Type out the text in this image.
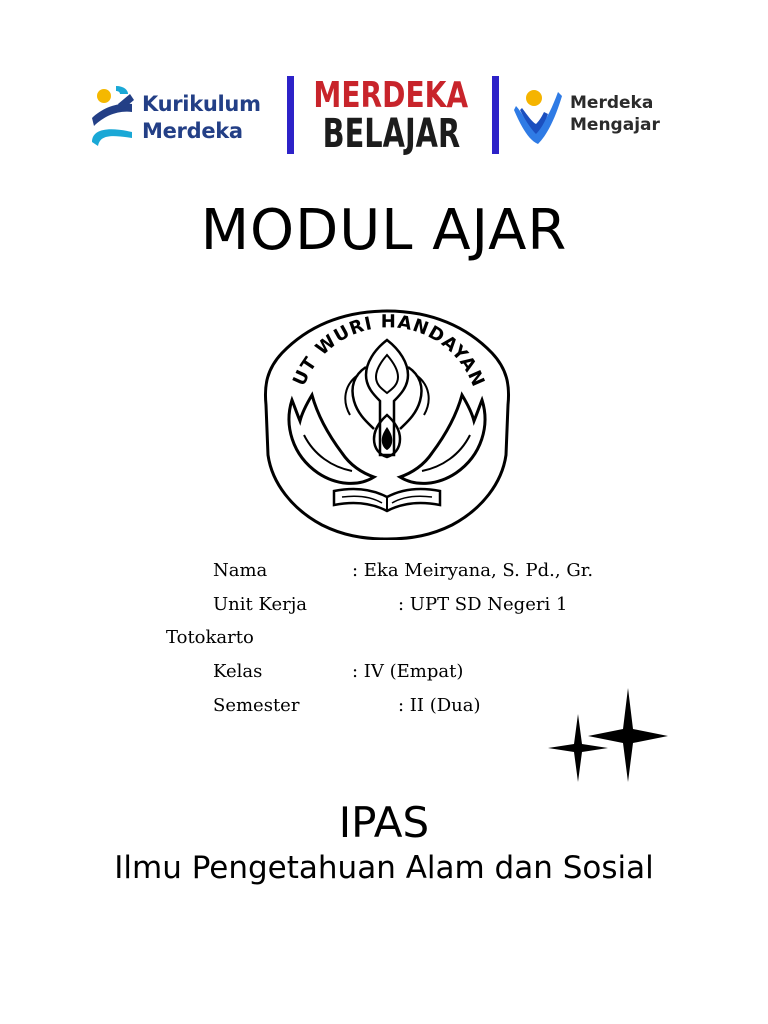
Kurikulum
Merdeka
MERDEKA
BELAJAR
Merdeka
Mengajar
MODUL AJAR
UT WURI HANDAYAN
Nama	: Eka Meiryana, S. Pd., Gr.
Unit Kerja	: UPT SD Negeri 1
Totokarto
Kelas	: IV (Empat)
Semester	: II (Dua)
IPAS
Ilmu Pengetahuan Alam dan Sosial
